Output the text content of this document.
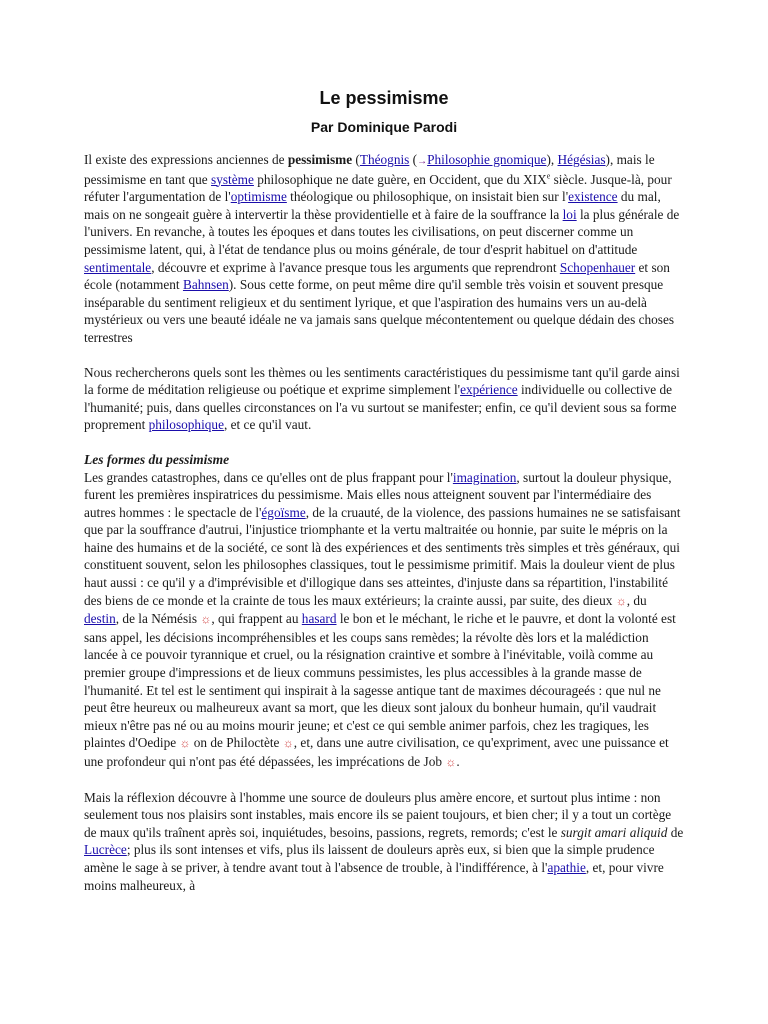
Le pessimisme
Par Dominique Parodi

Il existe des expressions anciennes de pessimisme (Théognis (→Philosophie gnomique), Hégésias), mais le pessimisme en tant que système philosophique ne date guère, en Occident, que du XIXe siècle. Jusque-là, pour réfuter l'argumentation de l'optimisme théologique ou philosophique, on insistait bien sur l'existence du mal, mais on ne songeait guère à intervertir la thèse providentielle et à faire de la souffrance la loi la plus générale de l'univers. En revanche, à toutes les époques et dans toutes les civilisations, on peut discerner comme un pessimisme latent, qui, à l'état de tendance plus ou moins générale, de tour d'esprit habituel on d'attitude sentimentale, découvre et exprime à l'avance presque tous les arguments que reprendront Schopenhauer et son école (notamment Bahnsen). Sous cette forme, on peut même dire qu'il semble très voisin et souvent presque inséparable du sentiment religieux et du sentiment lyrique, et que l'aspiration des humains vers un au-delà mystérieux ou vers une beauté idéale ne va jamais sans quelque mécontentement ou quelque dédain des choses terrestres

Nous rechercherons quels sont les thèmes ou les sentiments caractéristiques du pessimisme tant qu'il garde ainsi la forme de méditation religieuse ou poétique et exprime simplement l'expérience individuelle ou collective de l'humanité; puis, dans quelles circonstances on l'a vu surtout se manifester; enfin, ce qu'il devient sous sa forme proprement philosophique, et ce qu'il vaut.

Les formes du pessimisme

Les grandes catastrophes, dans ce qu'elles ont de plus frappant pour l'imagination, surtout la douleur physique, furent les premières inspiratrices du pessimisme. Mais elles nous atteignent souvent par l'intermédiaire des autres hommes : le spectacle de l'égoïsme, de la cruauté, de la violence, des passions humaines ne se satisfaisant que par la souffrance d'autrui, l'injustice triomphante et la vertu maltraitée ou honnie, par suite le mépris on la haine des humains et de la société, ce sont là des expériences et des sentiments très simples et très généraux, qui constituent souvent, selon les philosophes classiques, tout le pessimisme primitif. Mais la douleur vient de plus haut aussi : ce qu'il y a d'imprévisible et d'illogique dans ses atteintes, d'injuste dans sa répartition, l'instabilité des biens de ce monde et la crainte de tous les maux extérieurs; la crainte aussi, par suite, des dieux ☼, du destin, de la Némésis ☼, qui frappent au hasard le bon et le méchant, le riche et le pauvre, et dont la volonté est sans appel, les décisions incompréhensibles et les coups sans remèdes; la révolte dès lors et la malédiction lancée à ce pouvoir tyrannique et cruel, ou la résignation craintive et sombre à l'inévitable, voilà comme au premier groupe d'impressions et de lieux communs pessimistes, les plus accessibles à la grande masse de l'humanité. Et tel est le sentiment qui inspirait à la sagesse antique tant de maximes décourageés : que nul ne peut être heureux ou malheureux avant sa mort, que les dieux sont jaloux du bonheur humain, qu'il vaudrait mieux n'être pas né ou au moins mourir jeune; et c'est ce qui semble animer parfois, chez les tragiques, les plaintes d'Oedipe ☼ on de Philoctète ☼, et, dans une autre civilisation, ce qu'expriment, avec une puissance et une profondeur qui n'ont pas été dépassées, les imprécations de Job ☼.

Mais la réflexion découvre à l'homme une source de douleurs plus amère encore, et surtout plus intime : non seulement tous nos plaisirs sont instables, mais encore ils se paient toujours, et bien cher; il y a tout un cortège de maux qu'ils traînent après soi, inquiétudes, besoins, passions, regrets, remords; c'est le surgit amari aliquid de Lucrèce; plus ils sont intenses et vifs, plus ils laissent de douleurs après eux, si bien que la simple prudence amène le sage à se priver, à tendre avant tout à l'absence de trouble, à l'indifférence, à l'apathie, et, pour vivre moins malheureux, à
